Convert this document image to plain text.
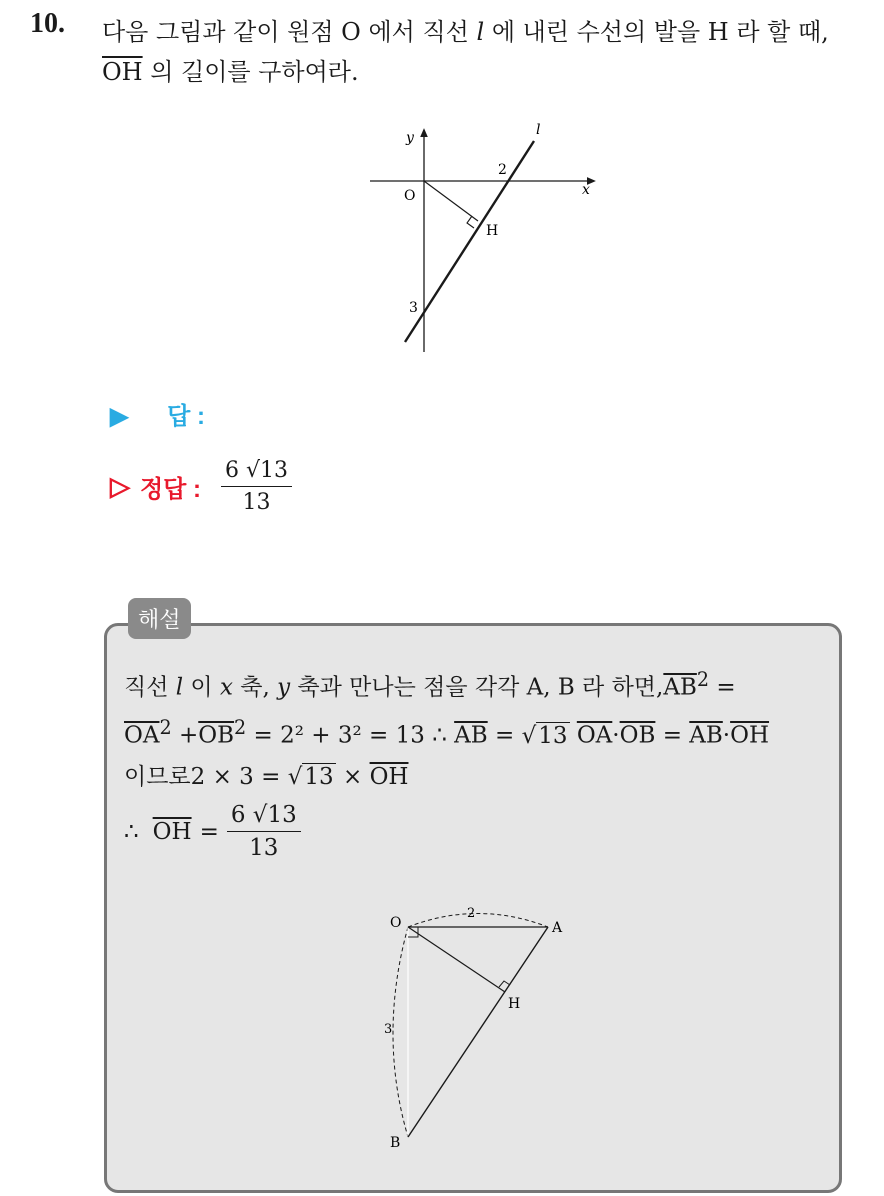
10. 다음 그림과 같이 원점 O 에서 직선 l 에 내린 수선의 발을 H 라 할 때,
$\overline{OH}$ 의 길이를 구하여라.
y
x
l
O
H
2
3
▶ 답 :
▷ 정답 : $\frac{6 √13}{13}$
해설
직선 l 이 x 축, y 축과 만나는 점을 각각 A, B 라 하면$,\overline{AB}^2$ =
$\overline{OA}^2 +\overline{OB}^2 = 2^2 + 3^2 = 13$ ∴ $\overline{AB} = √13$ $\overline{OA}\cdot\overline{OB} = \overline{AB}\cdot\overline{OH}$
이므로$2 \times 3 = √13 \times \overline{OH}$
∴ $\overline{OH} = \frac{6 √13}{13}$
O	A
B
H
2
3
